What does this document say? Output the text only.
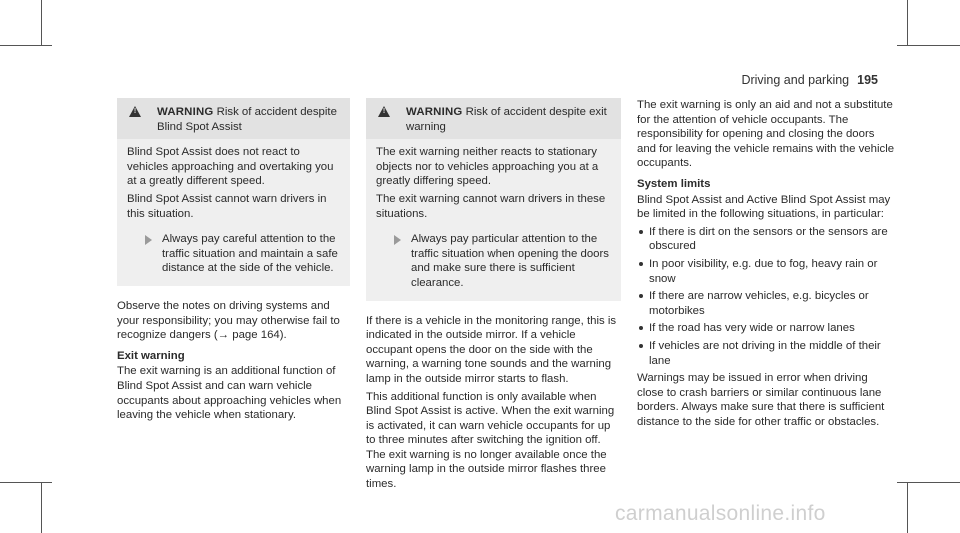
Driving and parking 195
!	WARNING Risk of accident despite Blind Spot Assist

Blind Spot Assist does not react to vehicles approaching and overtaking you at a greatly different speed.

Blind Spot Assist cannot warn drivers in this situation.

Always pay careful attention to the traffic situation and maintain a safe distance at the side of the vehicle.

Observe the notes on driving systems and your responsibility; you may otherwise fail to recognize dangers (→ page 164).

Exit warning

The exit warning is an additional function of Blind Spot Assist and can warn vehicle occupants about approaching vehicles when leaving the vehicle when stationary.

!	WARNING Risk of accident despite exit warning

The exit warning neither reacts to stationary objects nor to vehicles approaching you at a greatly differing speed.

The exit warning cannot warn drivers in these situations.

Always pay particular attention to the traffic situation when opening the doors and make sure there is sufficient clearance.

If there is a vehicle in the monitoring range, this is indicated in the outside mirror. If a vehicle occupant opens the door on the side with the warning, a warning tone sounds and the warning lamp in the outside mirror starts to flash.

This additional function is only available when Blind Spot Assist is active. When the exit warning is activated, it can warn vehicle occupants for up to three minutes after switching the ignition off. The exit warning is no longer available once the warning lamp in the outside mirror flashes three times.

The exit warning is only an aid and not a substitute for the attention of vehicle occupants. The responsibility for opening and closing the doors and for leaving the vehicle remains with the vehicle occupants.

System limits

Blind Spot Assist and Active Blind Spot Assist may be limited in the following situations, in particular:

If there is dirt on the sensors or the sensors are obscured
In poor visibility, e.g. due to fog, heavy rain or snow
If there are narrow vehicles, e.g. bicycles or motorbikes
If the road has very wide or narrow lanes
If vehicles are not driving in the middle of their lane

Warnings may be issued in error when driving close to crash barriers or similar continuous lane borders. Always make sure that there is sufficient distance to the side for other traffic or obstacles.

carmanualsonline.info
